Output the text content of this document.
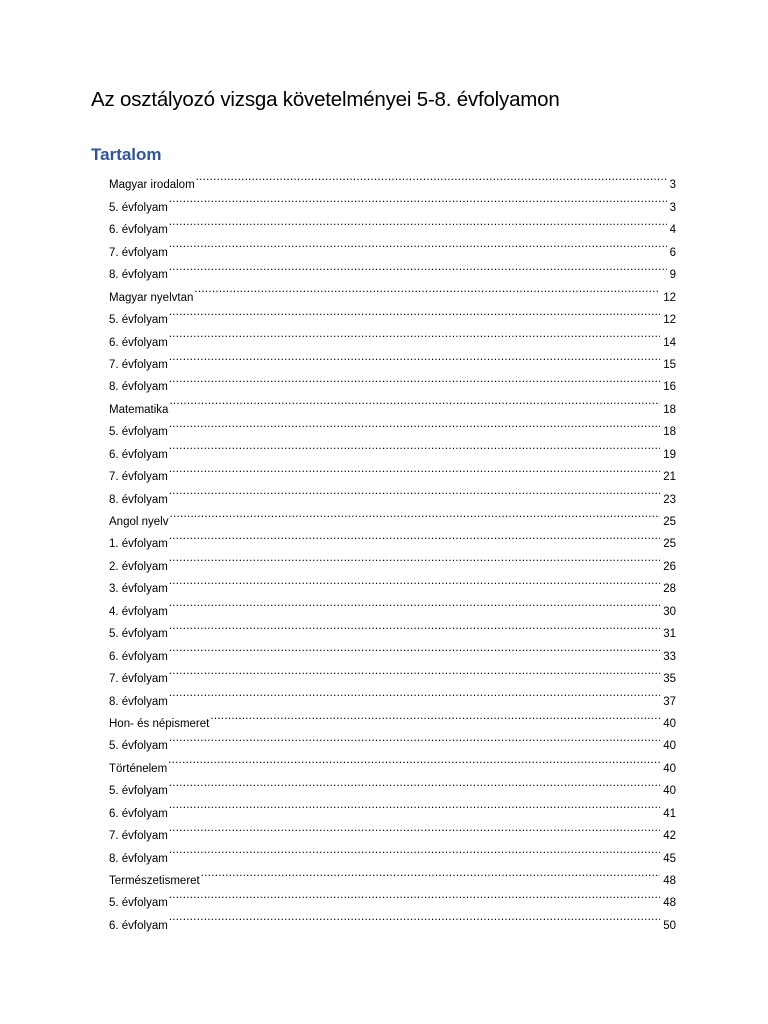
Az osztályozó vizsga követelményei 5-8. évfolyamon
Tartalom
Magyar irodalom .....	3
5. évfolyam .....	3
6. évfolyam .....	4
7. évfolyam .....	6
8. évfolyam .....	9
Magyar nyelvtan .....	12
5. évfolyam .....	12
6. évfolyam .....	14
7. évfolyam .....	15
8. évfolyam .....	16
Matematika .....	18
5. évfolyam .....	18
6. évfolyam .....	19
7. évfolyam .....	21
8. évfolyam .....	23
Angol nyelv .....	25
1. évfolyam .....	25
2. évfolyam .....	26
3. évfolyam .....	28
4. évfolyam .....	30
5. évfolyam .....	31
6. évfolyam .....	33
7. évfolyam .....	35
8. évfolyam .....	37
Hon- és népismeret .....	40
5. évfolyam .....	40
Történelem .....	40
5. évfolyam .....	40
6. évfolyam .....	41
7. évfolyam .....	42
8. évfolyam .....	45
Természetismeret .....	48
5. évfolyam .....	48
6. évfolyam .....	50
